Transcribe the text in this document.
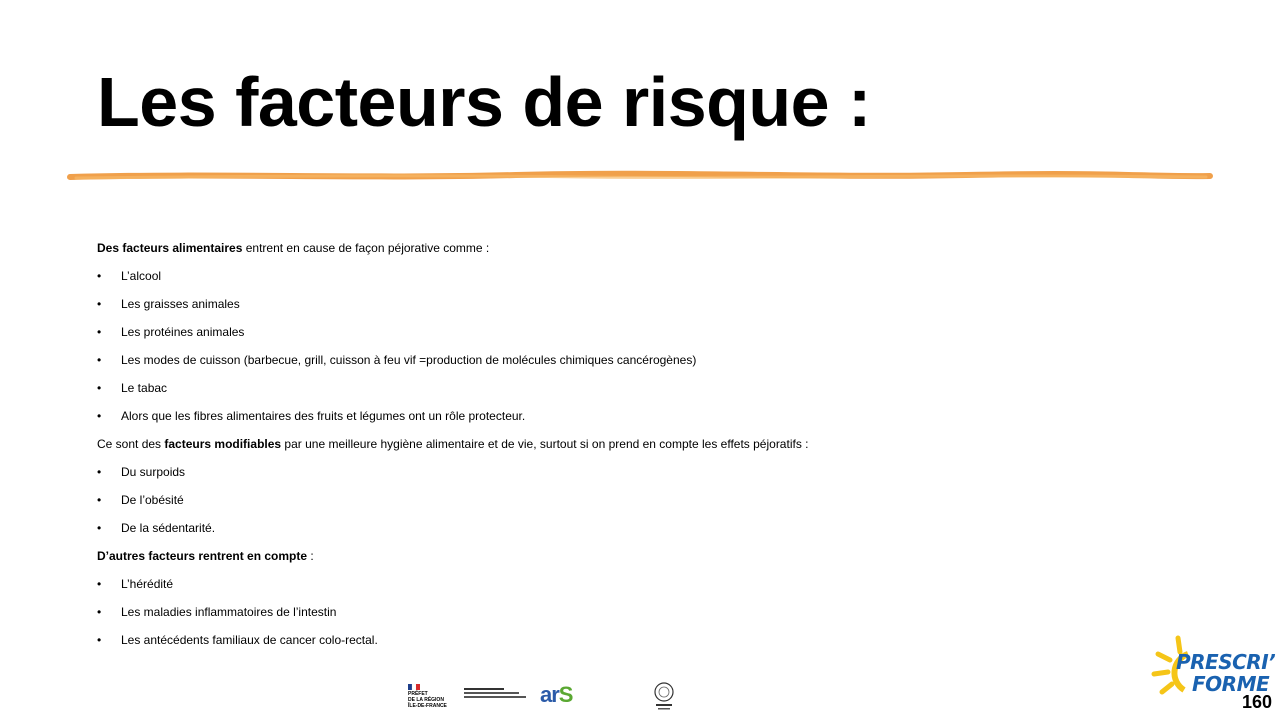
Les facteurs de risque :
Des facteurs alimentaires entrent en cause de façon péjorative comme :
• L’alcool
• Les graisses animales
• Les protéines animales
• Les modes de cuisson (barbecue, grill, cuisson à feu vif =production de molécules chimiques cancérogènes)
• Le tabac
• Alors que les fibres alimentaires des fruits et légumes ont un rôle protecteur.
Ce sont des facteurs modifiables par une meilleure hygiène alimentaire et de vie, surtout si on prend en compte les effets péjoratifs :
• Du surpoids
• De l’obésité
• De la sédentarité.
D’autres facteurs rentrent en compte :
• L’hérédité
• Les maladies inflammatoires de l’intestin
• Les antécédents familiaux de cancer colo-rectal.
PRÉFET
DE LA RÉGION
ÎLE-DE-FRANCE	arS
PRESCRI’
FORME
160
